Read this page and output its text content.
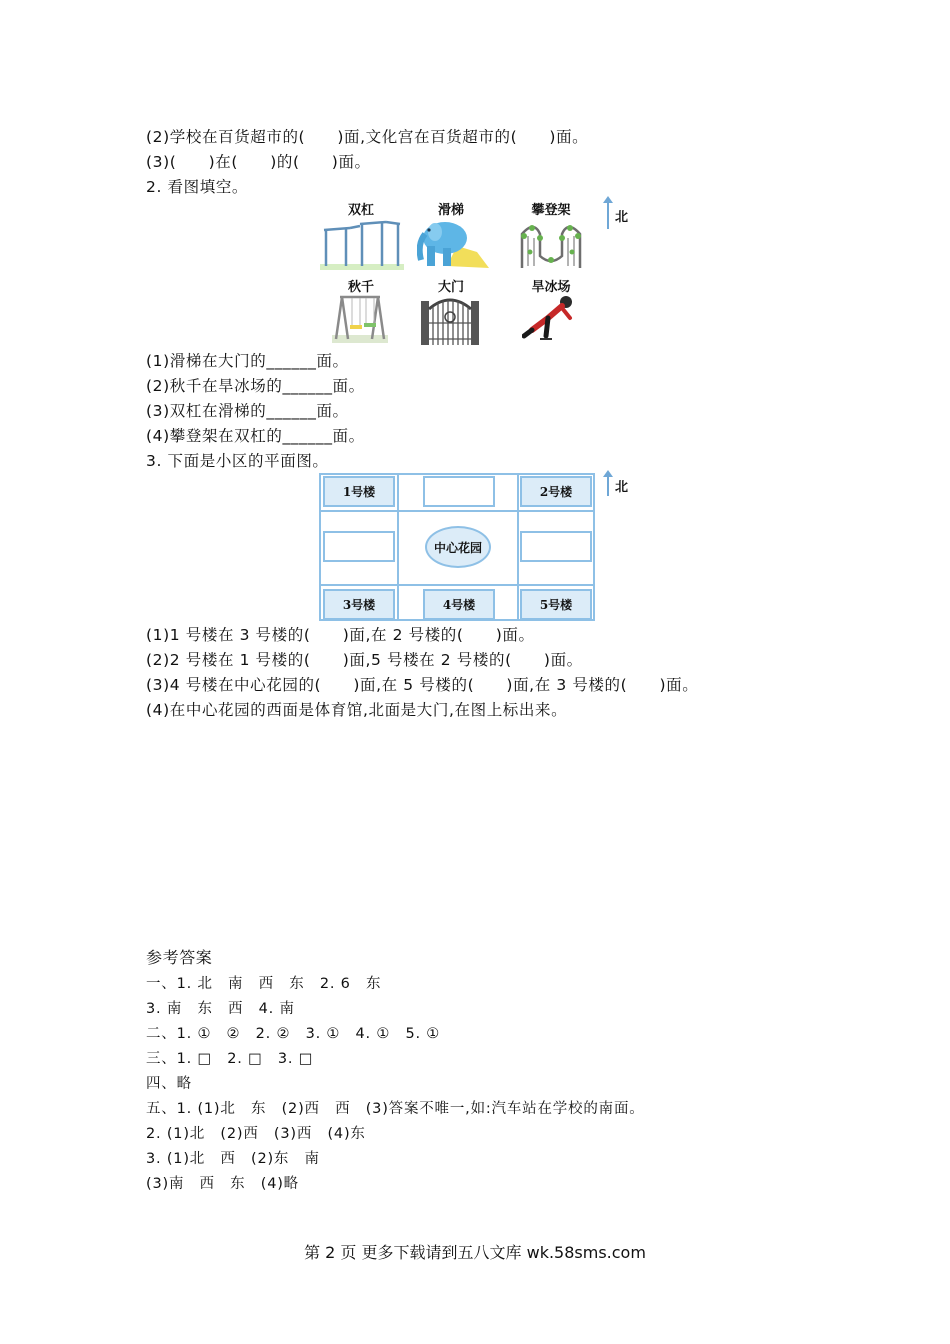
(2)学校在百货超市的(　　)面,文化宫在百货超市的(　　)面。
(3)(　　)在(　　)的(　　)面。
2. 看图填空。
双杠	滑梯	攀登架
秋千	大门	旱冰场
北
(1)滑梯在大门的______面。
(2)秋千在旱冰场的______面。
(3)双杠在滑梯的______面。
(4)攀登架在双杠的______面。
3. 下面是小区的平面图。
1号楼	2号楼
中心花园
3号楼	4号楼	5号楼
北
(1)1 号楼在 3 号楼的(　　)面,在 2 号楼的(　　)面。
(2)2 号楼在 1 号楼的(　　)面,5 号楼在 2 号楼的(　　)面。
(3)4 号楼在中心花园的(　　)面,在 5 号楼的(　　)面,在 3 号楼的(　　)面。
(4)在中心花园的西面是体育馆,北面是大门,在图上标出来。
参考答案
一、1. 北　南　西　东　2. 6　东
3. 南　东　西　4. 南
二、1. ①　②　2. ②　3. ①　4. ①　5. ①
三、1. □　2. □　3. □
四、略
五、1. (1)北　东　(2)西　西　(3)答案不唯一,如:汽车站在学校的南面。
2. (1)北　(2)西　(3)西　(4)东
3. (1)北　西　(2)东　南
(3)南　西　东　(4)略
第 2 页 更多下载请到五八文库 wk.58sms.com
